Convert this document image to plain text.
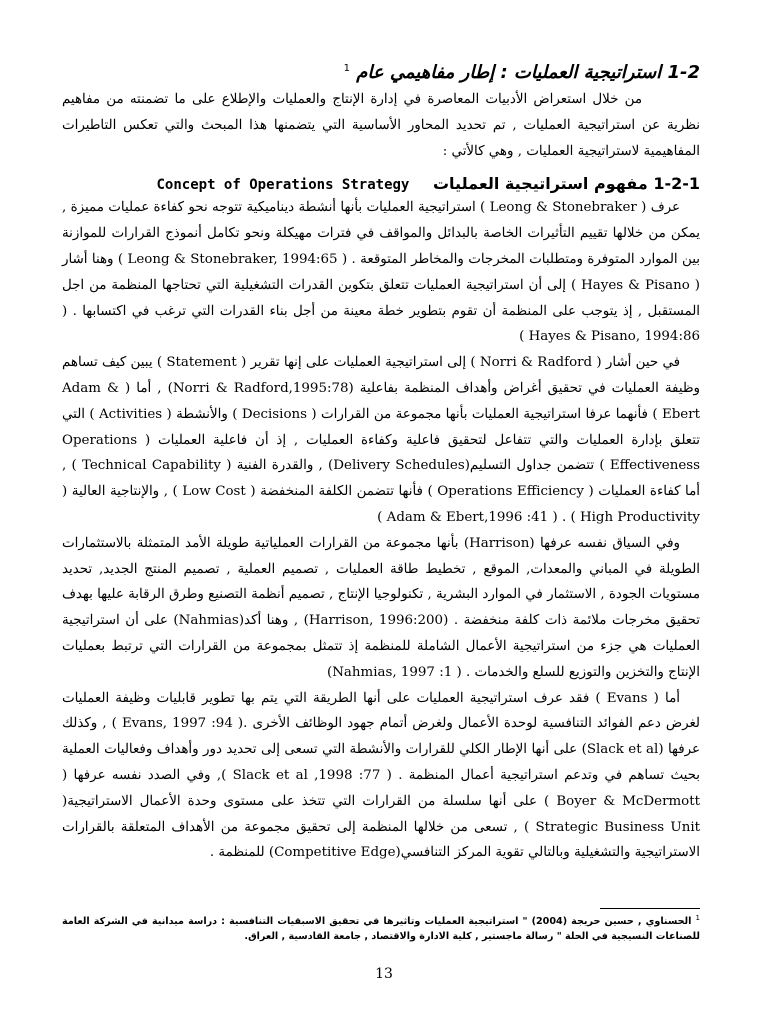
1-2 استراتيجية العمليات : إطار مفاهيمي عام $^1$

من خلال استعراض الأدبيات المعاصرة في إدارة الإنتاج والعمليات والإطلاع على ما تضمنته من مفاهيم نظرية عن استراتيجية العمليات , تم تحديد المحاور الأساسية التي يتضمنها هذا المبحث والتي تعكس التاطيرات المفاهيمية لاستراتيجية العمليات , وهي كالأتي :

1-2-1 مفهوم استراتيجية العمليات Concept of Operations Strategy

عرف ( Leong & Stonebraker ) استراتيجية العمليات بأنها أنشطة ديناميكية تتوجه نحو كفاءة عمليات مميزة , يمكن من خلالها تقييم التأثيرات الخاصة بالبدائل والمواقف في فترات مهيكلة ونحو تكامل أنموذج القرارات للموازنة بين الموارد المتوفرة ومتطلبات المخرجات والمخاطر المتوقعة . ( Leong & Stonebraker, 1994:65 ) وهنا أشار ( Hayes & Pisano ) إلى أن استراتيجية العمليات تتعلق بتكوين القدرات التشغيلية التي تحتاجها المنظمة من اجل المستقبل , إذ يتوجب على المنظمة أن تقوم بتطوير خطة معينة من أجل بناء القدرات التي ترغب في اكتسابها . ( Hayes & Pisano, 1994:86 )

في حين أشار ( Norri & Radford ) إلى استراتيجية العمليات على إنها تقرير ( Statement ) يبين كيف تساهم وظيفة العمليات في تحقيق أغراض وأهداف المنظمة بفاعلية (Norri & Radford,1995:78) , أما ( Adam & Ebert ) فأنهما عرفا استراتيجية العمليات بأنها مجموعة من القرارات ( Decisions ) والأنشطة ( Activities ) التي تتعلق بإدارة العمليات والتي تتفاعل لتحقيق فاعلية وكفاءة العمليات , إذ أن فاعلية العمليات ( Operations Effectiveness ) تتضمن جداول التسليم(Delivery Schedules) , والقدرة الفنية ( Technical Capability ) , أما كفاءة العمليات ( Operations Efficiency ) فأنها تتضمن الكلفة المنخفضة ( Low Cost ) , والإنتاجية العالية ( High Productivity ) . ( Adam & Ebert,1996 :41 )

وفي السياق نفسه عرفها (Harrison) بأنها مجموعة من القرارات العملياتية طويلة الأمد المتمثلة بالاستثمارات الطويلة في المباني والمعدات, الموقع , تخطيط طاقة العمليات , تصميم العملية , تصميم المنتج الجديد, تحديد مستويات الجودة , الاستثمار في الموارد البشرية , تكنولوجيا الإنتاج , تصميم أنظمة التصنيع وطرق الرقابة عليها بهدف تحقيق مخرجات ملائمة ذات كلفة منخفضة . (Harrison, 1996:200) , وهنا أكد(Nahmias) على أن استراتيجية العمليات هي جزء من استراتيجية الأعمال الشاملة للمنظمة إذ تتمثل بمجموعة من القرارات التي ترتبط بعمليات الإنتاج والتخزين والتوزيع للسلع والخدمات . ( Nahmias, 1997 :1)

أما ( Evans ) فقد عرف استراتيجية العمليات على أنها الطريقة التي يتم بها تطوير قابليات وظيفة العمليات لغرض دعم الفوائد التنافسية لوحدة الأعمال ولغرض أتمام جهود الوظائف الأخرى .( Evans, 1997 :94 ) , وكذلك عرفها (Slack et al) على أنها الإطار الكلي للقرارات والأنشطة التي تسعى إلى تحديد دور وأهداف وفعاليات العملية بحيث تساهم في وتدعم استراتيجية أعمال المنظمة . ( Slack et al ,1998 :77 ), وفي الصدد نفسه عرفها ( Boyer & McDermott ) على أنها سلسلة من القرارات التي تتخذ على مستوى وحدة الأعمال الاستراتيجية( Strategic Business Unit ) , تسعى من خلالها المنظمة إلى تحقيق مجموعة من الأهداف المتعلقة بالقرارات الاستراتيجية والتشغيلية وبالتالي تقوية المركز التنافسي(Competitive Edge) للمنظمة .

$^1$ الحسناوي , حسين حريجة (2004) " استراتيجية العمليات وتاثيرها في تحقيق الاسبقيات التنافسية : دراسة ميدانية في الشركة العامة للصناعات النسيجية في الحلة " رسالة ماجستير , كلية الادارة والاقتصاد , جامعة القادسية , العراق.
13
